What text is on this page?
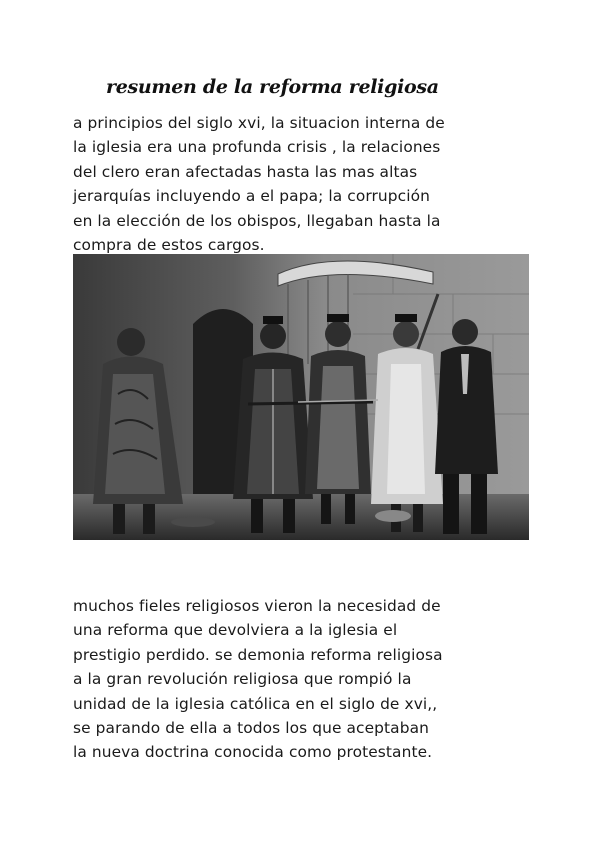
resumen de la reforma religiosa
a principios del siglo xvi, la situacion interna de
la iglesia era una profunda crisis , la relaciones
del clero eran afectadas hasta las mas altas
jerarquías incluyendo a el papa; la corrupción
en la elección de los obispos, llegaban hasta la
compra de estos cargos.
muchos fieles religiosos vieron la necesidad de
una reforma que devolviera a la iglesia el
prestigio perdido. se demonia reforma religiosa
a la gran revolución religiosa que rompió la
unidad de la iglesia católica en el siglo de xvi,,
se parando de ella a todos los que aceptaban
la nueva doctrina conocida como protestante.
